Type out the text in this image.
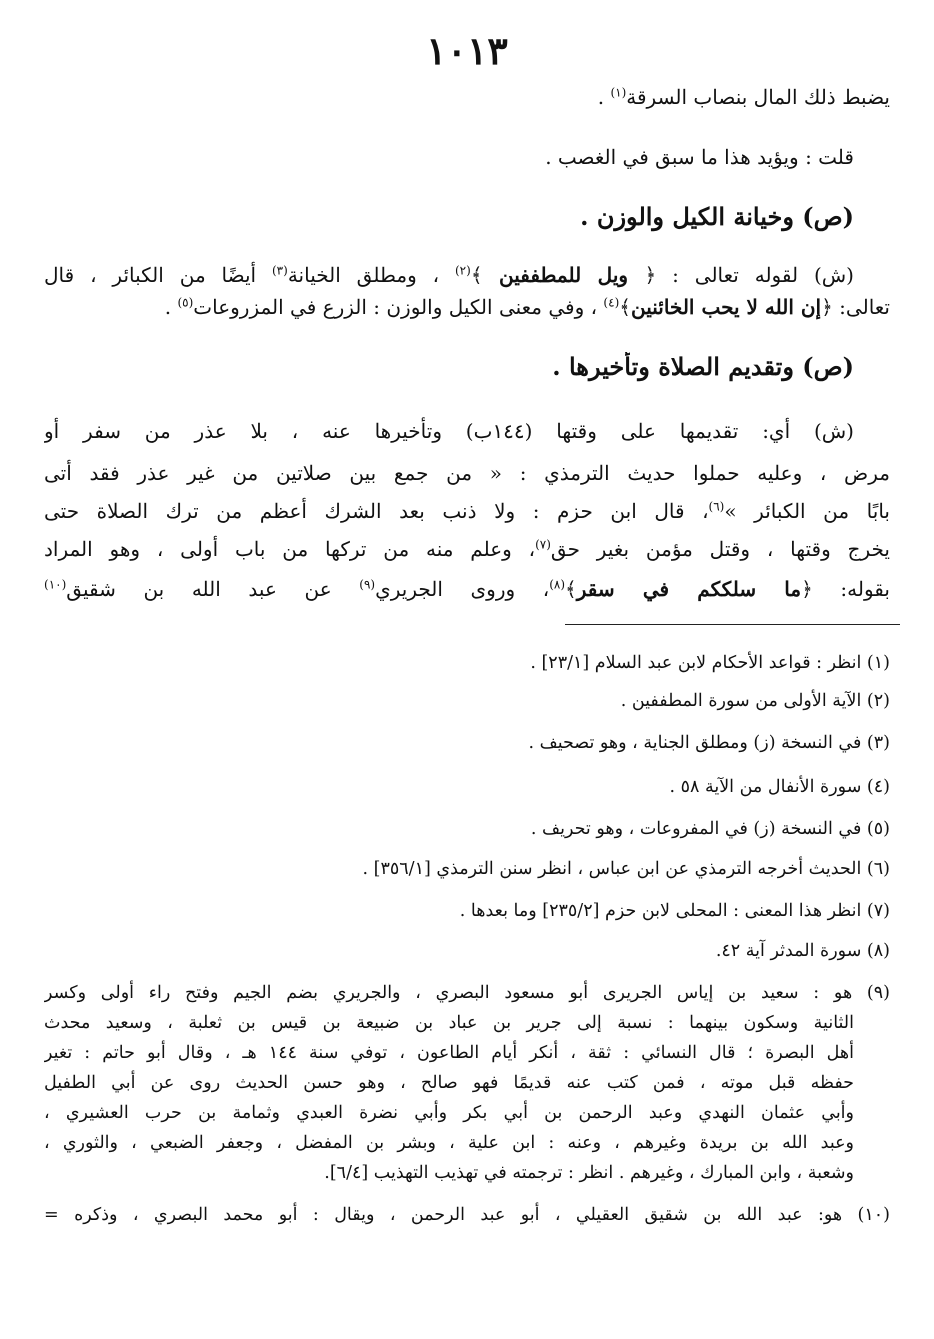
١٠١٣
يضبط ذلك المال بنصاب السرقة$^{(١)}$ .
قلت : ويؤيد هذا ما سبق في الغصب .
(ص) وخيانة الكيل والوزن .
(ش) لقوله تعالى : ﴿ ويل للمطففين ﴾$^{(٢)}$ ، ومطلق الخيانة$^{(٣)}$ أيضًا من الكبائر ، قال
تعالى: ﴿إن الله لا يحب الخائنين﴾$^{(٤)}$ ، وفي معنى الكيل والوزن : الزرع في المزروعات$^{(٥)}$ .
(ص) وتقديم الصلاة وتأخيرها .
(ش) أي: تقديمها على وقتها (١٤٤ب) وتأخيرها عنه ، بلا عذر من سفر أو
مرض ، وعليه حملوا حديث الترمذي : « من جمع بين صلاتين من غير عذر فقد أتى
بابًا من الكبائر »$^{(٦)}$، قال ابن حزم : ولا ذنب بعد الشرك أعظم من ترك الصلاة حتى
يخرج وقتها ، وقتل مؤمن بغير حق$^{(٧)}$، وعلم منه من تركها من باب أولى ، وهو المراد
بقوله: ﴿ما سلككم في سقر﴾$^{(٨)}$، وروى الجريري$^{(٩)}$ عن عبد الله بن شقيق$^{(١٠)}$
(١) انظر : قواعد الأحكام لابن عبد السلام [٢٣/١] .
(٢) الآية الأولى من سورة المطففين .
(٣) في النسخة (ز) ومطلق الجناية ، وهو تصحيف .
(٤) سورة الأنفال من الآية ٥٨ .
(٥) في النسخة (ز) في المفروعات ، وهو تحريف .
(٦) الحديث أخرجه الترمذي عن ابن عباس ، انظر سنن الترمذي [٣٥٦/١] .
(٧) انظر هذا المعنى : المحلى لابن حزم [٢٣٥/٢] وما بعدها .
(٨) سورة المدثر آية ٤٢.
(٩) هو : سعيد بن إياس الجريرى أبو مسعود البصري ، والجريري بضم الجيم وفتح راء أولى وكسر
الثانية وسكون بينهما : نسبة إلى جرير بن عباد بن ضبيعة بن قيس بن ثعلبة ، وسعيد محدث
أهل البصرة ؛ قال النسائي : ثقة ، أنكر أيام الطاعون ، توفي سنة ١٤٤ هـ ، وقال أبو حاتم : تغير
حفظه قبل موته ، فمن كتب عنه قديمًا فهو صالح ، وهو حسن الحديث روى عن أبي الطفيل
وأبي عثمان النهدي وعبد الرحمن بن أبي بكر وأبي نضرة العبدي وثمامة بن حرب العشيري ،
وعبد الله بن بريدة وغيرهم ، وعنه : ابن علية ، وبشر بن المفضل ، وجعفر الضبعي ، والثوري ،
وشعبة ، وابن المبارك ، وغيرهم . انظر : ترجمته في تهذيب التهذيب [٦/٤].
(١٠) هو: عبد الله بن شقيق العقيلي ، أبو عبد الرحمن ، ويقال : أبو محمد البصري ، وذكره =
